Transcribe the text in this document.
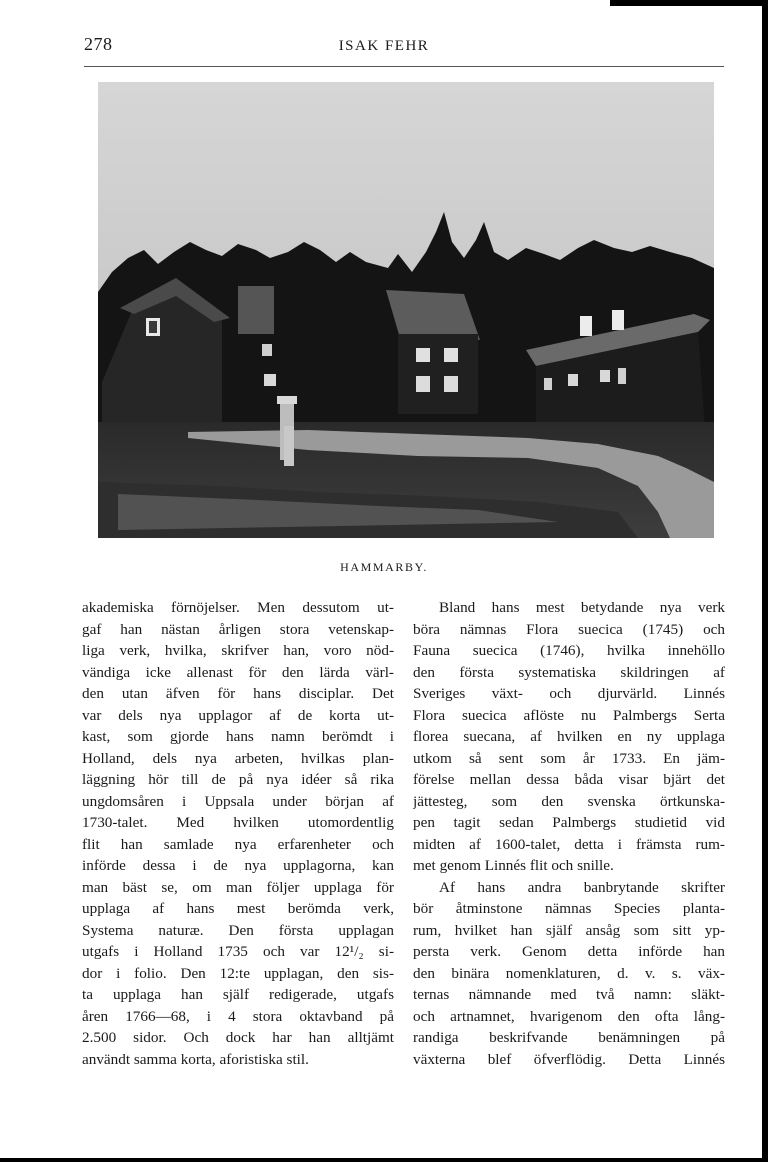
278	ISAK FEHR
HAMMARBY.
akademiska förnöjelser. Men dessutom ut-
gaf han nästan årligen stora vetenskap-
liga verk, hvilka, skrifver han, voro nöd-
vändiga icke allenast för den lärda värl-
den utan äfven för hans disciplar. Det
var dels nya upplagor af de korta ut-
kast, som gjorde hans namn berömdt i
Holland, dels nya arbeten, hvilkas plan-
läggning hör till de på nya idéer så rika
ungdomsåren i Uppsala under början af
1730-talet. Med hvilken utomordentlig
flit han samlade nya erfarenheter och
införde dessa i de nya upplagorna, kan
man bäst se, om man följer upplaga för
upplaga af hans mest berömda verk,
Systema naturæ. Den första upplagan
utgafs i Holland 1735 och var 12¹/₂ si-
dor i folio. Den 12:te upplagan, den sis-
ta upplaga han själf redigerade, utgafs
åren 1766—68, i 4 stora oktavband på
2.500 sidor. Och dock har han alltjämt
användt samma korta, aforistiska stil.
Bland hans mest betydande nya verk
böra nämnas Flora suecica (1745) och
Fauna suecica (1746), hvilka innehöllo
den första systematiska skildringen af
Sveriges växt- och djurvärld. Linnés
Flora suecica aflöste nu Palmbergs Serta
florea suecana, af hvilken en ny upplaga
utkom så sent som år 1733. En jäm-
förelse mellan dessa båda visar bjärt det
jättesteg, som den svenska örtkunska-
pen tagit sedan Palmbergs studietid vid
midten af 1600-talet, detta i främsta rum-
met genom Linnés flit och snille.
Af hans andra banbrytande skrifter
bör åtminstone nämnas Species planta-
rum, hvilket han själf ansåg som sitt yp-
persta verk. Genom detta införde han
den binära nomenklaturen, d. v. s. väx-
ternas nämnande med två namn: släkt-
och artnamnet, hvarigenom den ofta lång-
randiga beskrifvande benämningen på
växterna blef öfverflödig. Detta Linnés
